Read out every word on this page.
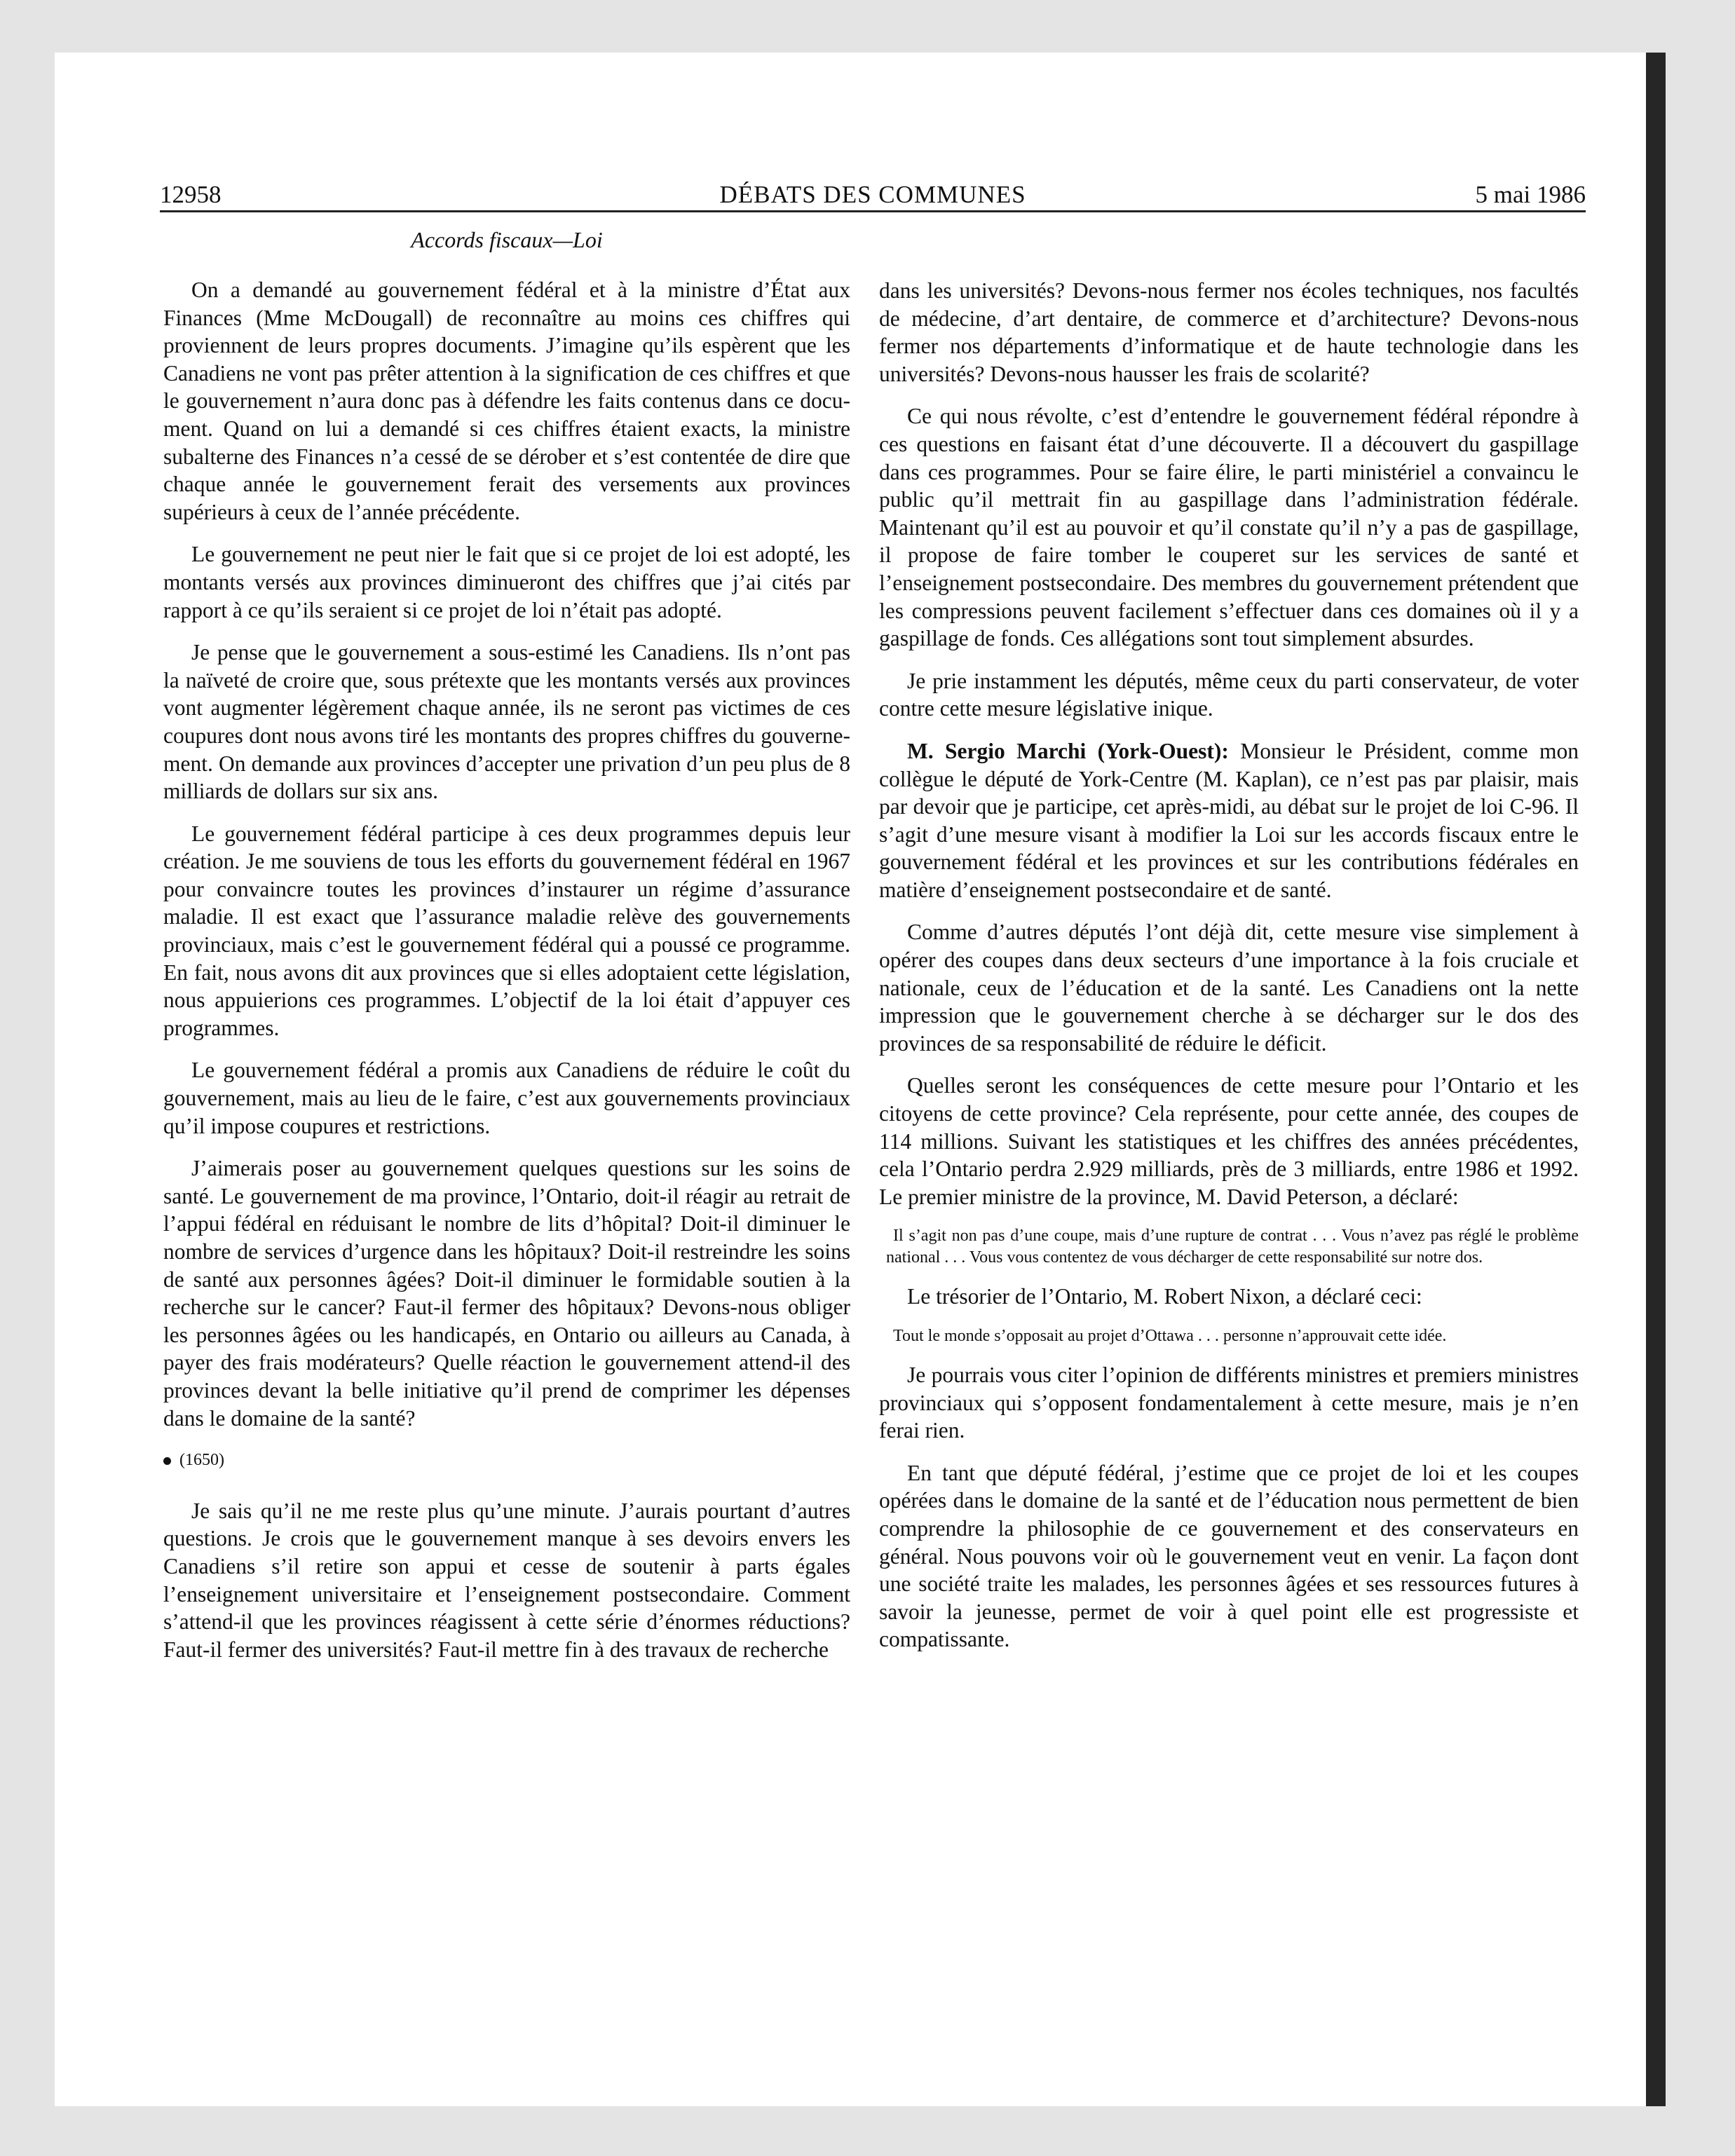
12958	DÉBATS DES COMMUNES	5 mai 1986
Accords fiscaux—Loi

On a demandé au gouvernement fédéral et à la ministre d’État aux Finances (Mme McDougall) de reconnaître au moins ces chiffres qui proviennent de leurs propres documents. J’imagine qu’ils espèrent que les Canadiens ne vont pas prêter attention à la signification de ces chiffres et que le gouvernement n’aura donc pas à défendre les faits contenus dans ce document. Quand on lui a demandé si ces chiffres étaient exacts, la ministre subalterne des Finances n’a cessé de se dérober et s’est contentée de dire que chaque année le gouvernement ferait des versements aux provinces supérieurs à ceux de l’année précédente.

Le gouvernement ne peut nier le fait que si ce projet de loi est adopté, les montants versés aux provinces diminueront des chiffres que j’ai cités par rapport à ce qu’ils seraient si ce projet de loi n’était pas adopté.

Je pense que le gouvernement a sous-estimé les Canadiens. Ils n’ont pas la naïveté de croire que, sous prétexte que les montants versés aux provinces vont augmenter légèrement chaque année, ils ne seront pas victimes de ces coupures dont nous avons tiré les montants des propres chiffres du gouvernement. On demande aux provinces d’accepter une privation d’un peu plus de 8 milliards de dollars sur six ans.

Le gouvernement fédéral participe à ces deux programmes depuis leur création. Je me souviens de tous les efforts du gouvernement fédéral en 1967 pour convaincre toutes les provinces d’instaurer un régime d’assurance maladie. Il est exact que l’assurance maladie relève des gouvernements provinciaux, mais c’est le gouvernement fédéral qui a poussé ce programme. En fait, nous avons dit aux provinces que si elles adoptaient cette législation, nous appuierions ces programmes. L’objectif de la loi était d’appuyer ces programmes.

Le gouvernement fédéral a promis aux Canadiens de réduire le coût du gouvernement, mais au lieu de le faire, c’est aux gouvernements provinciaux qu’il impose coupures et restrictions.

J’aimerais poser au gouvernement quelques questions sur les soins de santé. Le gouvernement de ma province, l’Ontario, doit-il réagir au retrait de l’appui fédéral en réduisant le nombre de lits d’hôpital? Doit-il diminuer le nombre de services d’urgence dans les hôpitaux? Doit-il restreindre les soins de santé aux personnes âgées? Doit-il diminuer le formidable soutien à la recherche sur le cancer? Faut-il fermer des hôpitaux? Devons-nous obliger les personnes âgées ou les handicapés, en Ontario ou ailleurs au Canada, à payer des frais modérateurs? Quelle réaction le gouvernement attend-il des provinces devant la belle initiative qu’il prend de comprimer les dépenses dans le domaine de la santé?

(1650)

Je sais qu’il ne me reste plus qu’une minute. J’aurais pourtant d’autres questions. Je crois que le gouvernement manque à ses devoirs envers les Canadiens s’il retire son appui et cesse de soutenir à parts égales l’enseignement universitaire et l’enseignement postsecondaire. Comment s’attend-il que les provinces réagissent à cette série d’énormes réductions? Faut-il fermer des universités? Faut-il mettre fin à des travaux de recherche

dans les universités? Devons-nous fermer nos écoles techniques, nos facultés de médecine, d’art dentaire, de commerce et d’architecture? Devons-nous fermer nos départements d’informatique et de haute technologie dans les universités? Devons-nous hausser les frais de scolarité?

Ce qui nous révolte, c’est d’entendre le gouvernement fédéral répondre à ces questions en faisant état d’une découverte. Il a découvert du gaspillage dans ces programmes. Pour se faire élire, le parti ministériel a convaincu le public qu’il mettrait fin au gaspillage dans l’administration fédérale. Maintenant qu’il est au pouvoir et qu’il constate qu’il n’y a pas de gaspillage, il propose de faire tomber le couperet sur les services de santé et l’enseignement postsecondaire. Des membres du gouvernement prétendent que les compressions peuvent facilement s’effectuer dans ces domaines où il y a gaspillage de fonds. Ces allégations sont tout simplement absurdes.

Je prie instamment les députés, même ceux du parti conservateur, de voter contre cette mesure législative inique.

M. Sergio Marchi (York-Ouest): Monsieur le Président, comme mon collègue le député de York-Centre (M. Kaplan), ce n’est pas par plaisir, mais par devoir que je participe, cet après-midi, au débat sur le projet de loi C-96. Il s’agit d’une mesure visant à modifier la Loi sur les accords fiscaux entre le gouvernement fédéral et les provinces et sur les contributions fédérales en matière d’enseignement postsecondaire et de santé.

Comme d’autres députés l’ont déjà dit, cette mesure vise simplement à opérer des coupes dans deux secteurs d’une importance à la fois cruciale et nationale, ceux de l’éducation et de la santé. Les Canadiens ont la nette impression que le gouvernement cherche à se décharger sur le dos des provinces de sa responsabilité de réduire le déficit.

Quelles seront les conséquences de cette mesure pour l’Ontario et les citoyens de cette province? Cela représente, pour cette année, des coupes de 114 millions. Suivant les statistiques et les chiffres des années précédentes, cela l’Ontario perdra 2.929 milliards, près de 3 milliards, entre 1986 et 1992. Le premier ministre de la province, M. David Peterson, a déclaré:

Il s’agit non pas d’une coupe, mais d’une rupture de contrat . . . Vous n’avez pas réglé le problème national . . . Vous vous contentez de vous décharger de cette responsabilité sur notre dos.

Le trésorier de l’Ontario, M. Robert Nixon, a déclaré ceci:

Tout le monde s’opposait au projet d’Ottawa . . . personne n’approuvait cette idée.

Je pourrais vous citer l’opinion de différents ministres et premiers ministres provinciaux qui s’opposent fondamentalement à cette mesure, mais je n’en ferai rien.

En tant que député fédéral, j’estime que ce projet de loi et les coupes opérées dans le domaine de la santé et de l’éducation nous permettent de bien comprendre la philosophie de ce gouvernement et des conservateurs en général. Nous pouvons voir où le gouvernement veut en venir. La façon dont une société traite les malades, les personnes âgées et ses ressources futures à savoir la jeunesse, permet de voir à quel point elle est progressiste et compatissante.
